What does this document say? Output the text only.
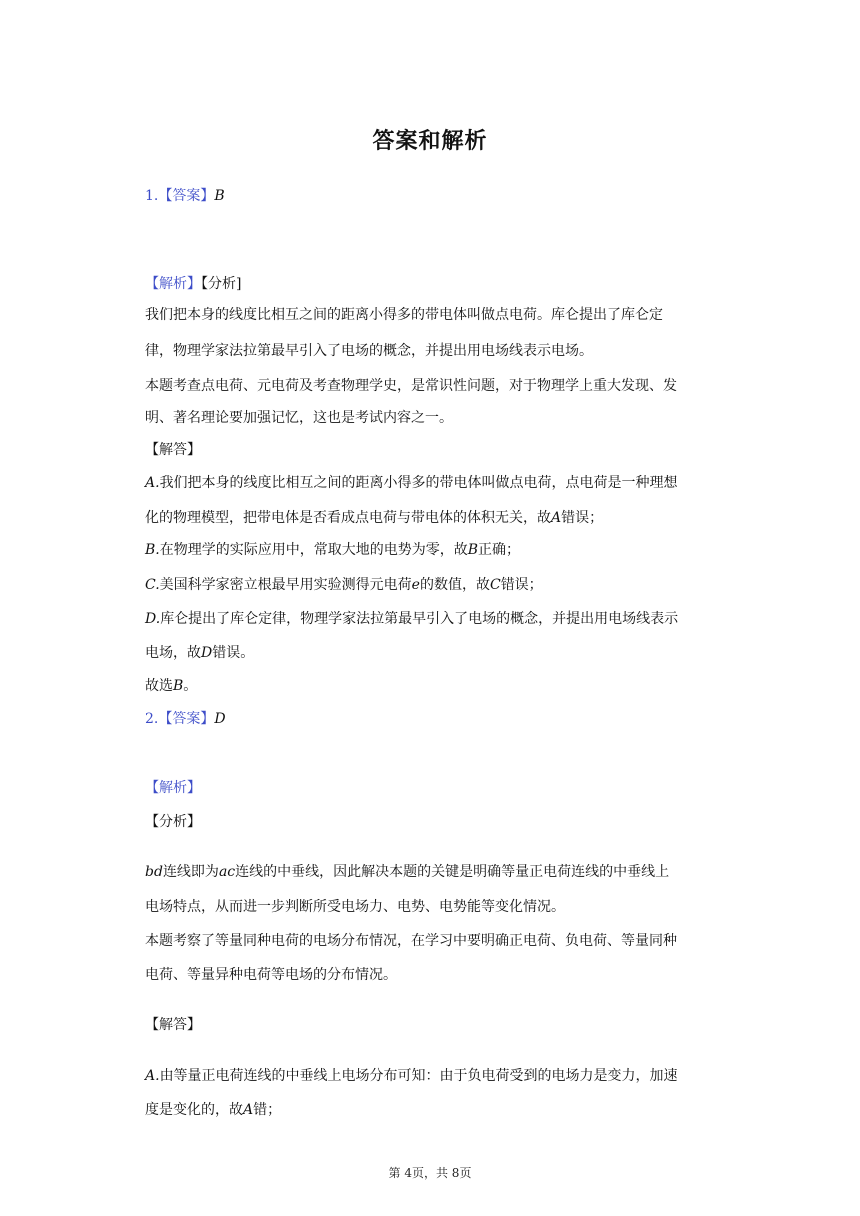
答案和解析
1.【答案】B
【解析】【分析]
我们把本身的线度比相互之间的距离小得多的带电体叫做点电荷。库仑提出了库仑定
律，物理学家法拉第最早引入了电场的概念，并提出用电场线表示电场。
本题考查点电荷、元电荷及考查物理学史，是常识性问题，对于物理学上重大发现、发
明、著名理论要加强记忆，这也是考试内容之一。
【解答】
A.我们把本身的线度比相互之间的距离小得多的带电体叫做点电荷，点电荷是一种理想
化的物理模型，把带电体是否看成点电荷与带电体的体积无关，故A错误；
B.在物理学的实际应用中，常取大地的电势为零，故B正确；
C.美国科学家密立根最早用实验测得元电荷e的数值，故C错误；
D.库仑提出了库仑定律，物理学家法拉第最早引入了电场的概念，并提出用电场线表示
电场，故D错误。
故选B。
2.【答案】D
【解析】
【分析】
bd连线即为ac连线的中垂线，因此解决本题的关键是明确等量正电荷连线的中垂线上
电场特点，从而进一步判断所受电场力、电势、电势能等变化情况。
本题考察了等量同种电荷的电场分布情况，在学习中要明确正电荷、负电荷、等量同种
电荷、等量异种电荷等电场的分布情况。
【解答】
A.由等量正电荷连线的中垂线上电场分布可知：由于负电荷受到的电场力是变力，加速
度是变化的，故A错；
第 4页，共 8页
